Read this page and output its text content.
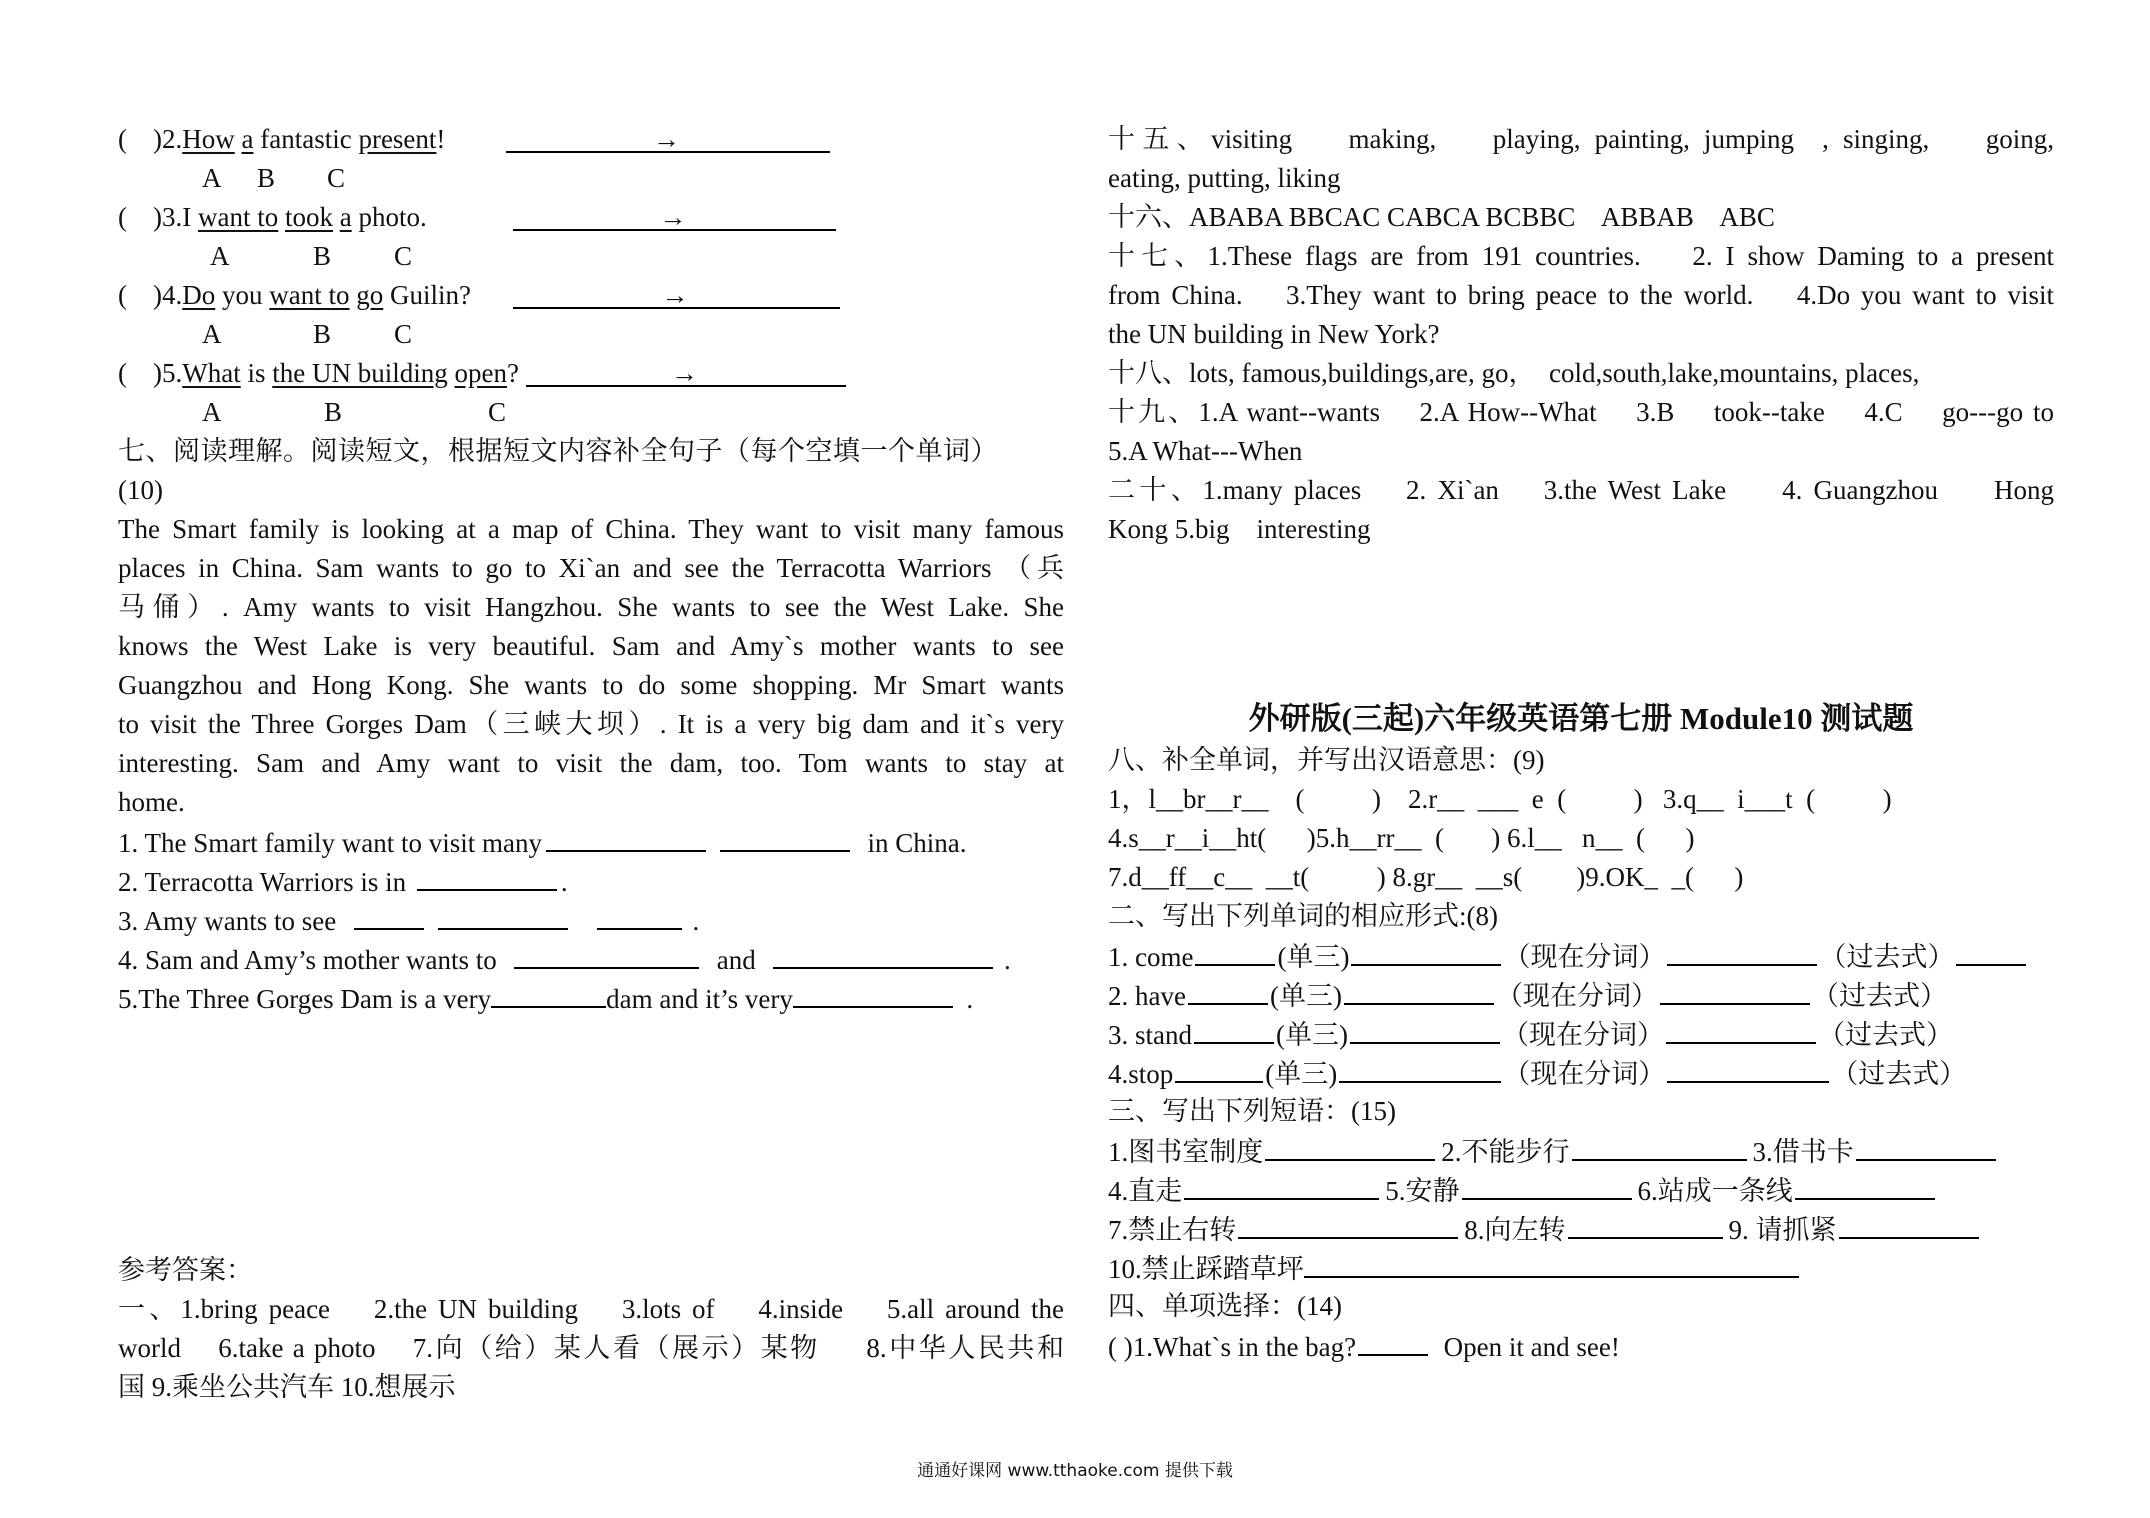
( )2.How a fantastic present!	→
A B C
( )3.I want to took a photo.	→
A	B C
( )4.Do you want to go Guilin?	→
A	B C
( )5.What is the UN building open?	→
A	B	C
七、阅读理解。阅读短文，根据短文内容补全句子（每个空填一个单词）
(10)
The Smart family is looking at a map of China. They want to visit many famous
places in China. Sam wants to go to Xi`an and see the Terracotta Warriors （兵
马俑）. Amy wants to visit Hangzhou. She wants to see the West Lake. She
knows the West Lake is very beautiful. Sam and Amy`s mother wants to see
Guangzhou and Hong Kong. She wants to do some shopping. Mr Smart wants
to visit the Three Gorges Dam（三峡大坝）. It is a very big dam and it`s very
interesting. Sam and Amy want to visit the dam, too. Tom wants to stay at
home.
1. The Smart family want to visit many	in China.
2. Terracotta Warriors is in	.
3. Amy wants to see	.
4. Sam and Amy’s mother wants to	and	.
5.The Three Gorges Dam is a very	dam and it’s very	.
参考答案：
一、1.bring peace    2.the UN building    3.lots of    4.inside    5.all around the
world    6.take a photo    7.向（给）某人看（展示）某物     8.中华人民共和
国 9.乘坐公共汽车 10.想展示
十五、visiting    making,    playing, painting, jumping  , singing,    going,
eating, putting, liking
十六、ABABA BBCAC CABCA BCBBC    ABBAB    ABC
十七、1.These flags are from 191 countries.    2. I show Daming to a present
from China.    3.They want to bring peace to the world.    4.Do you want to visit
the UN building in New York?
十八、lots, famous,buildings,are, go，  cold,south,lake,mountains, places,
十九、1.A want--wants    2.A How--What    3.B    took--take    4.C    go---go to
5.A What---When
二十、1.many places    2. Xi`an    3.the West Lake     4. Guangzhou     Hong
Kong 5.big    interesting
外研版(三起)六年级英语第七册 Module10 测试题
八、补全单词，并写出汉语意思：(9)
1，l__br__r__    (          )    2.r__  ___  e  (          )   3.q__  i___t  (          )
4.s__r__i__ht(      )5.h__rr__  (       ) 6.l__   n__  (      )
7.d__ff__c__  __t(          ) 8.gr__  __s(        )9.OK_  _(      )
二、写出下列单词的相应形式:(8)
1. come	(单三)	（现在分词）	（过去式）
2. have	(单三)	（现在分词）	（过去式）
3. stand	(单三)	（现在分词）	（过去式）
4.stop	(单三)	（现在分词）	（过去式）
三、写出下列短语：(15)
1.图书室制度	2.不能步行	3.借书卡
4.直走	5.安静	6.站成一条线
7.禁止右转	8.向左转	9. 请抓紧
10.禁止踩踏草坪
四、单项选择：(14)
( )1.What`s in the bag?	Open it and see!
通通好课网 www.tthaoke.com 提供下载
